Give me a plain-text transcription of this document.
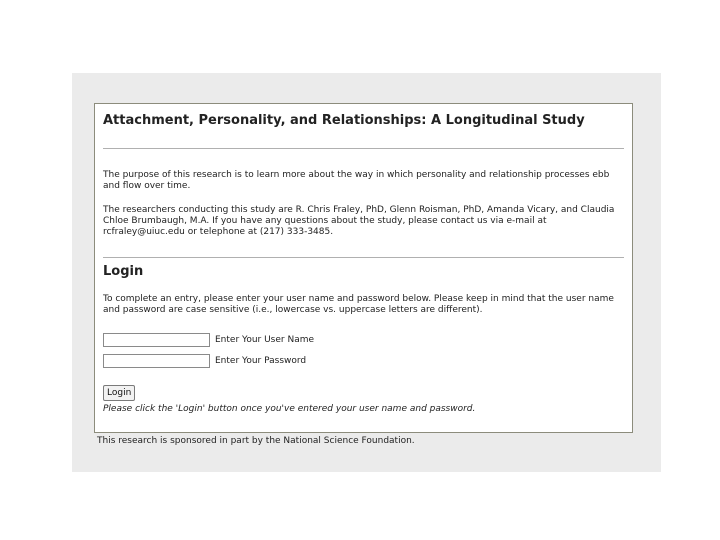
Attachment, Personality, and Relationships: A Longitudinal Study
The purpose of this research is to learn more about the way in which personality and relationship processes ebb and flow over time.
The researchers conducting this study are R. Chris Fraley, PhD, Glenn Roisman, PhD, Amanda Vicary, and Claudia Chloe Brumbaugh, M.A. If you have any questions about the study, please contact us via e-mail at rcfraley@uiuc.edu or telephone at (217) 333-3485.
Login
To complete an entry, please enter your user name and password below. Please keep in mind that the user name and password are case sensitive (i.e., lowercase vs. uppercase letters are different).
Enter Your User Name
Enter Your Password
Login
Please click the 'Login' button once you've entered your user name and password.
This research is sponsored in part by the National Science Foundation.
